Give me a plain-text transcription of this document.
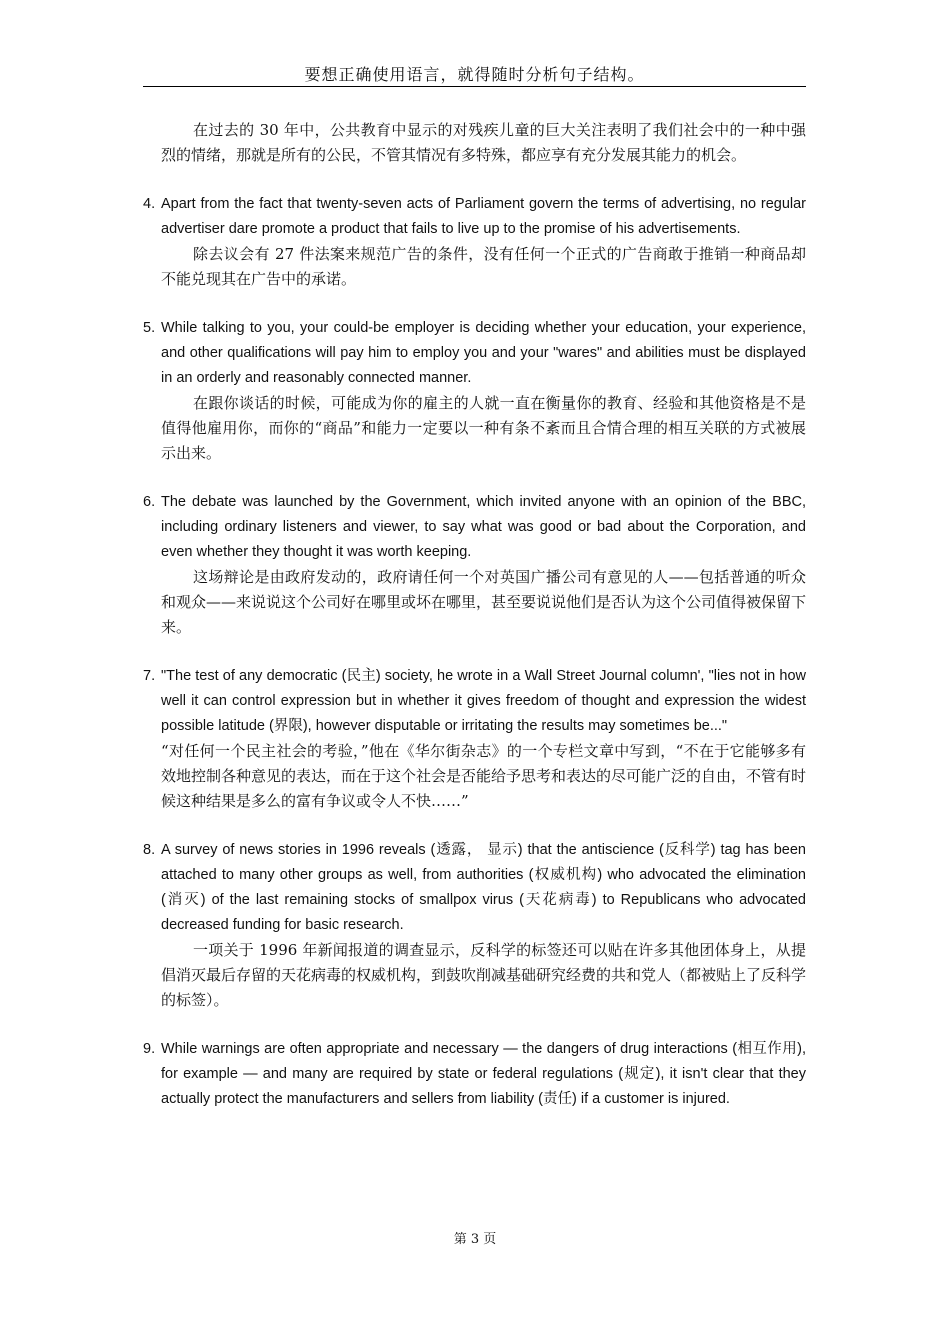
要想正确使用语言，就得随时分析句子结构。

在过去的 30 年中，公共教育中显示的对残疾儿童的巨大关注表明了我们社会中的一种中强烈的情绪，那就是所有的公民，不管其情况有多特殊，都应享有充分发展其能力的机会。

4. Apart from the fact that twenty-seven acts of Parliament govern the terms of advertising, no regular advertiser dare promote a product that fails to live up to the promise of his advertisements.

除去议会有 27 件法案来规范广告的条件，没有任何一个正式的广告商敢于推销一种商品却不能兑现其在广告中的承诺。

5. While talking to you, your could-be employer is deciding whether your education, your experience, and other qualifications will pay him to employ you and your "wares" and abilities must be displayed in an orderly and reasonably connected manner.

在跟你谈话的时候，可能成为你的雇主的人就一直在衡量你的教育、经验和其他资格是不是值得他雇用你，而你的“商品”和能力一定要以一种有条不紊而且合情合理的相互关联的方式被展示出来。

6. The debate was launched by the Government, which invited anyone with an opinion of the BBC, including ordinary listeners and viewer, to say what was good or bad about the Corporation, and even whether they thought it was worth keeping.

这场辩论是由政府发动的，政府请任何一个对英国广播公司有意见的人——包括普通的听众和观众——来说说这个公司好在哪里或坏在哪里，甚至要说说他们是否认为这个公司值得被保留下来。

7. "The test of any democratic (民主) society, he wrote in a Wall Street Journal column', "lies not in how well it can control expression but in whether it gives freedom of thought and expression the widest possible latitude (界限), however disputable or irritating the results may sometimes be..."

“对任何一个民主社会的考验，”他在《华尔街杂志》的一个专栏文章中写到，“不在于它能够多有效地控制各种意见的表达，而在于这个社会是否能给予思考和表达的尽可能广泛的自由，不管有时候这种结果是多么的富有争议或令人不快……”

8. A survey of news stories in 1996 reveals (透露， 显示) that the antiscience (反科学) tag has been attached to many other groups as well, from authorities (权威机构) who advocated the elimination (消灭) of the last remaining stocks of smallpox virus (天花病毒) to Republicans who advocated decreased funding for basic research.

一项关于 1996 年新闻报道的调查显示，反科学的标签还可以贴在许多其他团体身上，从提倡消灭最后存留的天花病毒的权威机构，到鼓吹削减基础研究经费的共和党人（都被贴上了反科学的标签）。

9. While warnings are often appropriate and necessary — the dangers of drug interactions (相互作用), for example — and many are required by state or federal regulations (规定), it isn't clear that they actually protect the manufacturers and sellers from liability (责任) if a customer is injured.

第 3 页
